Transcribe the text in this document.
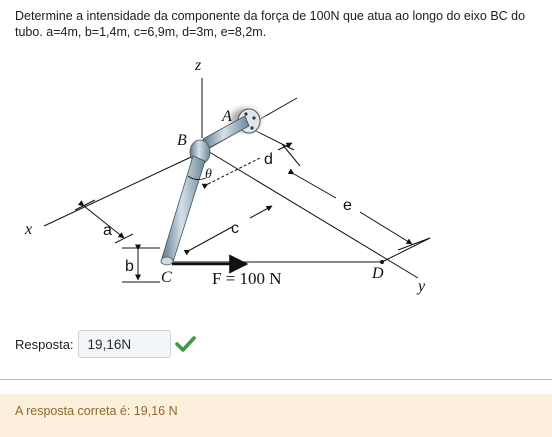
Determine a intensidade da componente da força de 100N que atua ao longo do eixo BC do tubo. a=4m, b=1,4m, c=6,9m, d=3m, e=8,2m.

z
x
y
A
B
C	D
θ
a
b
c
d
e
F = 100 N
Resposta:	19,16N
A resposta correta é: 19,16 N
